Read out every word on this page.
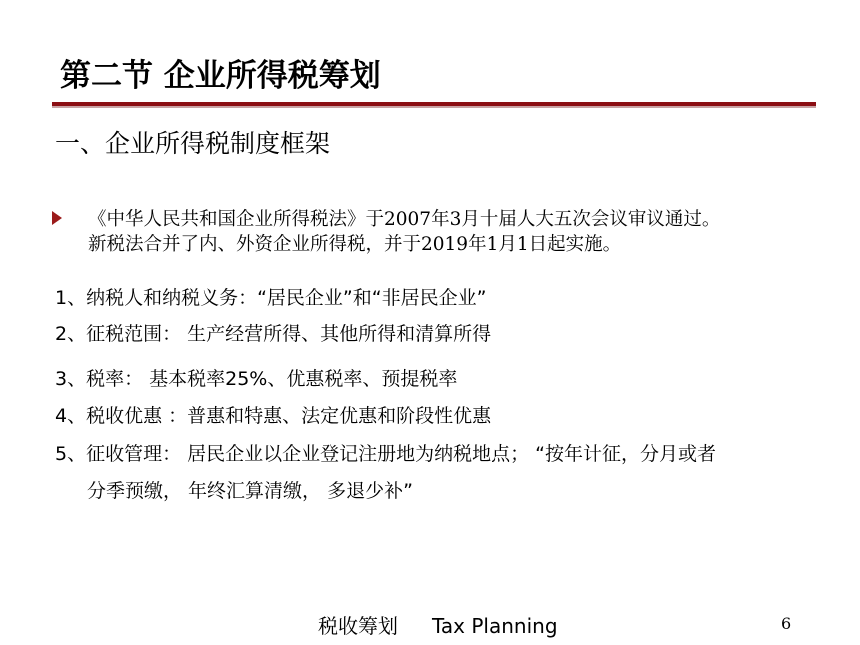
第二节 企业所得税筹划
一、企业所得税制度框架
《中华人民共和国企业所得税法》于2007年3月十届人大五次会议审议通过。
新税法合并了内、外资企业所得税，并于2019年1月1日起实施。
1、纳税人和纳税义务：“居民企业”和“非居民企业”
2、征税范围： 生产经营所得、其他所得和清算所得
3、税率： 基本税率25%、优惠税率、预提税率
4、税收优惠 ：普惠和特惠、法定优惠和阶段性优惠
5、征收管理： 居民企业以企业登记注册地为纳税地点； “按年计征，分月或者
分季预缴， 年终汇算清缴， 多退少补”
税收筹划 Tax Planning	6
